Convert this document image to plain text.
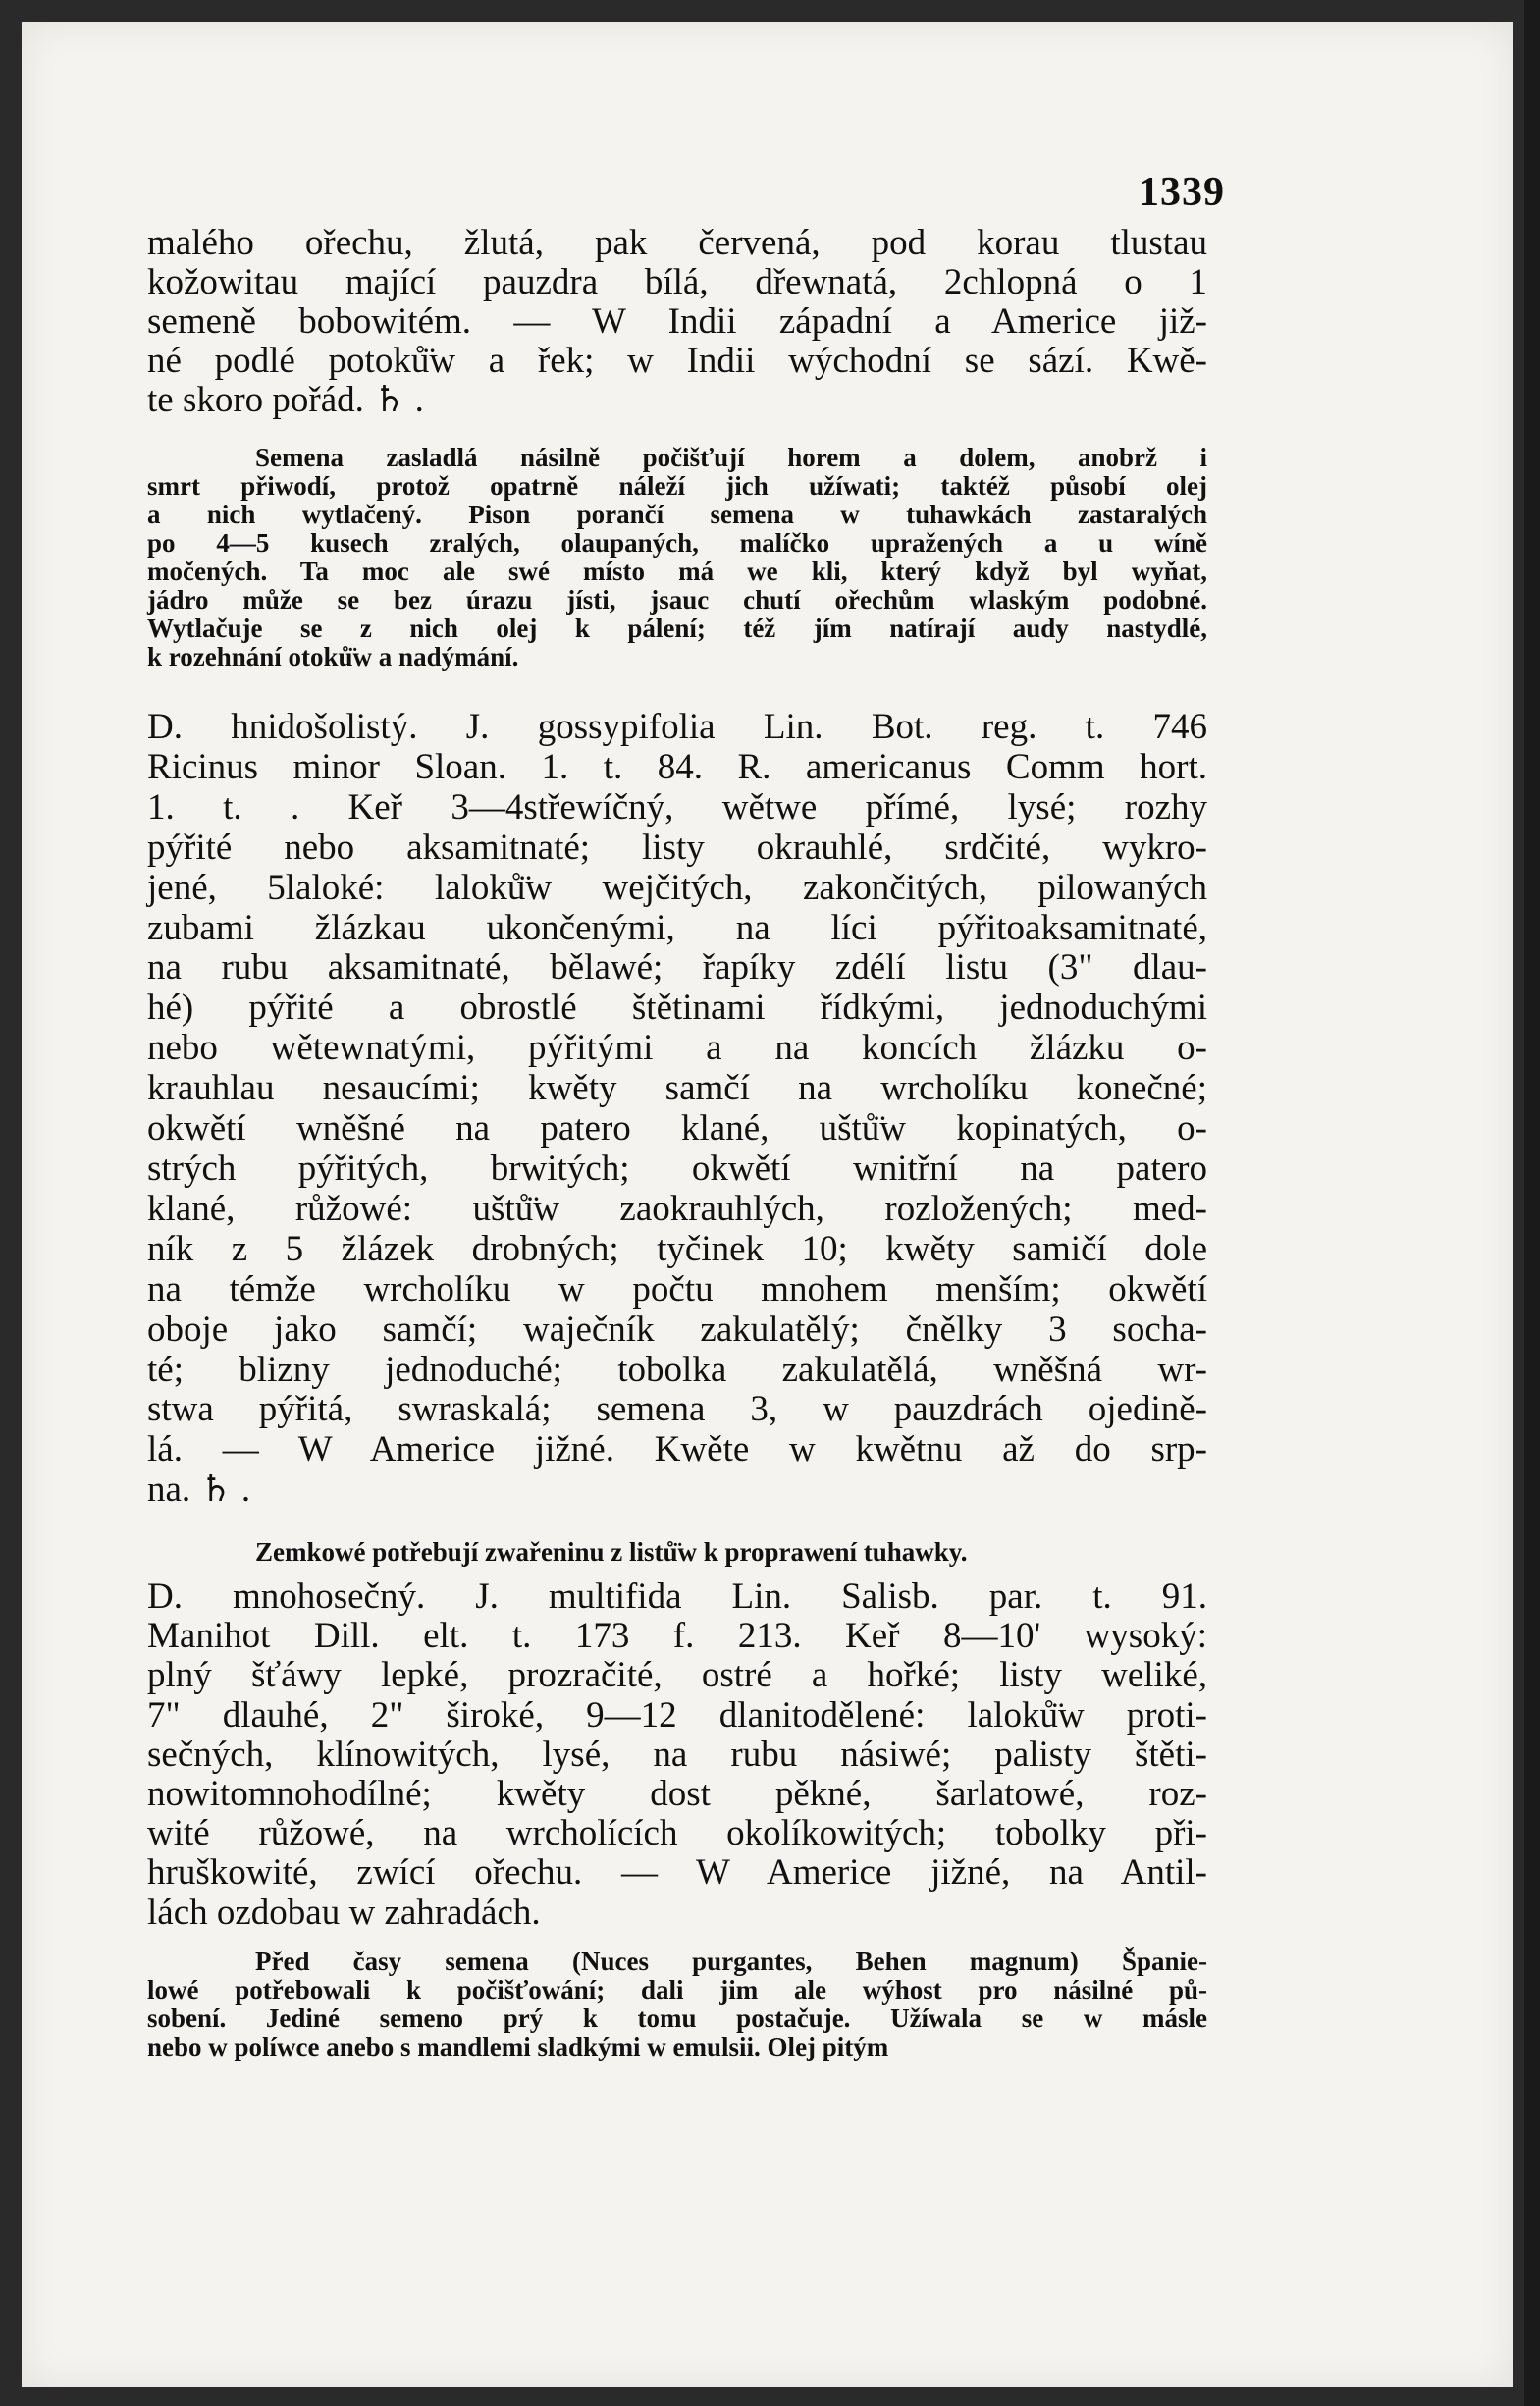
1339
malého ořechu, žlutá, pak červená, pod korau tlustau
kožowitau mající pauzdra bílá, dřewnatá, 2chlopná o 1
semeně bobowitém. — W Indii západní a Americe již-
né podlé potoků̈w a řek; w Indii wýchodní se sází. Kwě-
te skoro pořád. ♄ .
Semena zasladlá násilně počišťují horem a dolem, anobrž i
smrt přiwodí, protož opatrně náleží jich užíwati; taktéž působí olej
a nich wytlačený. Pison porančí semena w tuhawkách zastaralých
po 4—5 kusech zralých, olaupaných, malíčko upražených a u wíně
močených. Ta moc ale swé místo má we kli, který když byl wyňat,
jádro může se bez úrazu jísti, jsauc chutí ořechům wlaským podobné.
Wytlačuje se z nich olej k pálení; též jím natírají audy nastydlé,
k rozehnání otoků̈w a nadýmání.
D. hnidošolistý. J. gossypifolia Lin. Bot. reg. t. 746
Ricinus minor Sloan. 1. t. 84. R. americanus Comm hort.
1. t. . Keř 3—4střewíčný, wětwe přímé, lysé; rozhy
pýřité nebo aksamitnaté; listy okrauhlé, srdčité, wykro-
jené, 5laloké: laloků̈w wejčitých, zakončitých, pilowaných
zubami žlázkau ukončenými, na líci pýřitoaksamitnaté,
na rubu aksamitnaté, bělawé; řapíky zdélí listu (3" dlau-
hé) pýřité a obrostlé štětinami řídkými, jednoduchými
nebo wětewnatými, pýřitými a na koncích žlázku o-
krauhlau nesaucími; kwěty samčí na wrcholíku konečné;
okwětí wněšné na patero klané, uštů̈w kopinatých, o-
strých pýřitých, brwitých; okwětí wnitřní na patero
klané, růžowé: uštů̈w zaokrauhlých, rozložených; med-
ník z 5 žlázek drobných; tyčinek 10; kwěty samičí dole
na témže wrcholíku w počtu mnohem menším; okwětí
oboje jako samčí; waječník zakulatělý; čnělky 3 socha-
té; blizny jednoduché; tobolka zakulatělá, wněšná wr-
stwa pýřitá, swraskalá; semena 3, w pauzdrách ojedině-
lá. — W Americe jižné. Kwěte w kwětnu až do srp-
na. ♄ .
Zemkowé potřebují zwařeninu z listů̈w k proprawení tuhawky.
D. mnohosečný. J. multifida Lin. Salisb. par. t. 91.
Manihot Dill. elt. t. 173 f. 213. Keř 8—10' wysoký:
plný šťáwy lepké, prozračité, ostré a hořké; listy weliké,
7" dlauhé, 2" široké, 9—12 dlanitodělené: laloků̈w proti-
sečných, klínowitých, lysé, na rubu násiwé; palisty štěti-
nowitomnohodílné; kwěty dost pěkné, šarlatowé, roz-
wité růžowé, na wrcholících okolíkowitých; tobolky při-
hruškowité, zwící ořechu. — W Americe jižné, na Antil-
lách ozdobau w zahradách.
Před časy semena (Nuces purgantes, Behen magnum) Španie-
lowé potřebowali k počišťowání; dali jim ale wýhost pro násilné pů-
sobení. Jediné semeno prý k tomu postačuje. Užíwala se w másle
nebo w políwce anebo s mandlemi sladkými w emulsii. Olej pitým
